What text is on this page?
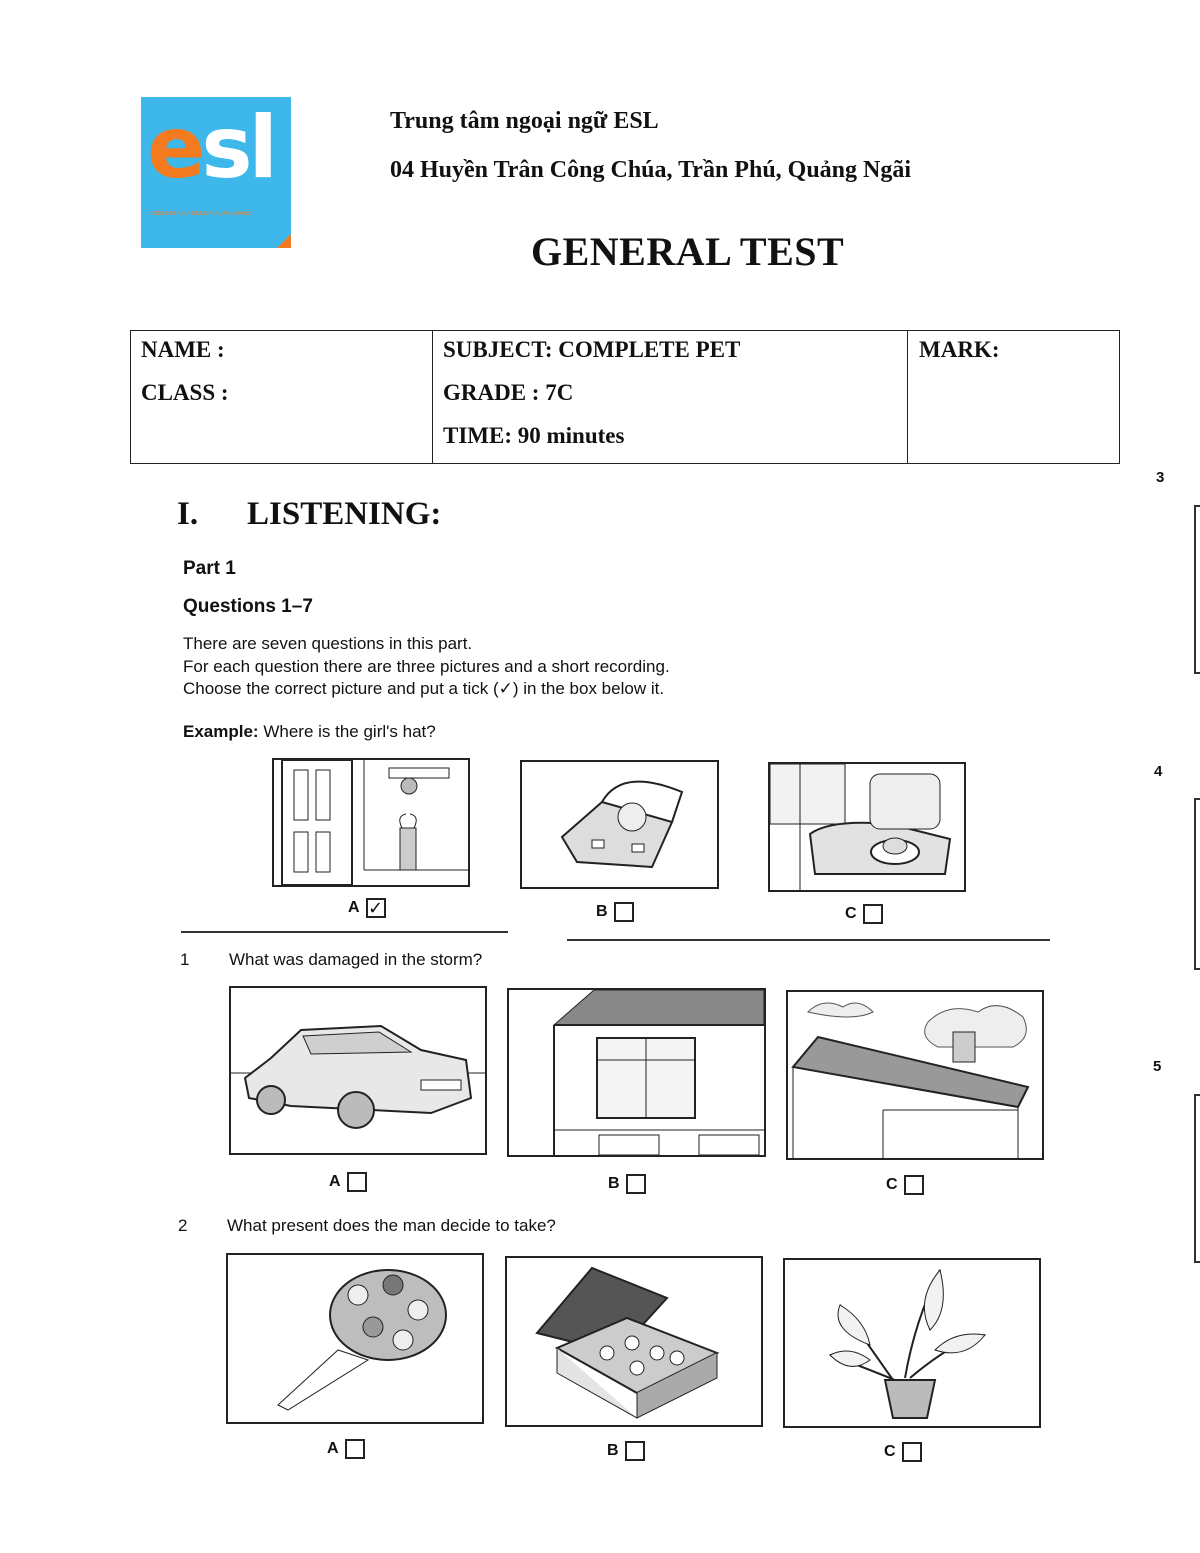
esl
ENGLISH AS A SECOND LANGUAGE
Trung tâm ngoại ngữ ESL
04 Huyền Trân Công Chúa, Trần Phú, Quảng Ngãi
GENERAL TEST
NAME :
CLASS :
SUBJECT: COMPLETE PET
GRADE : 7C
TIME: 90 minutes
MARK:
I. LISTENING:
Part 1
Questions 1–7
There are seven questions in this part.
For each question there are three pictures and a short recording.
Choose the correct picture and put a tick (✓) in the box below it.
Example: Where is the girl's hat?
A ✓	B	C
1 What was damaged in the storm?
A	B	C
2 What present does the man decide to take?
A	B	C
3
4
5
